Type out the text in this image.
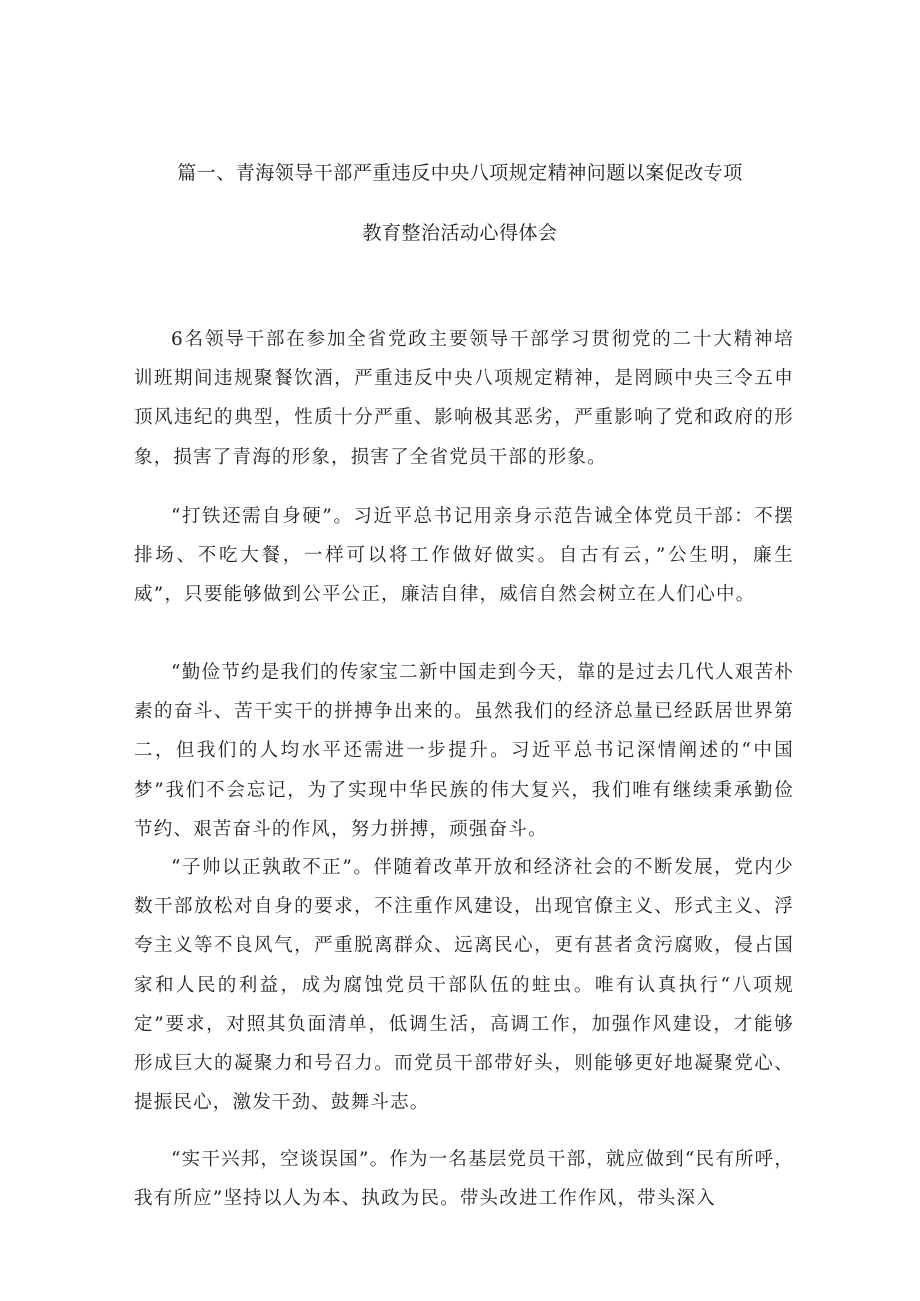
篇一、青海领导干部严重违反中央八项规定精神问题以案促改专项
教育整治活动心得体会

6名领导干部在参加全省党政主要领导干部学习贯彻党的二十大精神培训班期间违规聚餐饮酒，严重违反中央八项规定精神，是罔顾中央三令五申顶风违纪的典型，性质十分严重、影响极其恶劣，严重影响了党和政府的形象，损害了青海的形象，损害了全省党员干部的形象。

“打铁还需自身硬”。习近平总书记用亲身示范告诫全体党员干部：不摆排场、不吃大餐，一样可以将工作做好做实。自古有云，”公生明，廉生威”，只要能够做到公平公正，廉洁自律，威信自然会树立在人们心中。

“勤俭节约是我们的传家宝二新中国走到今天，靠的是过去几代人艰苦朴素的奋斗、苦干实干的拼搏争出来的。虽然我们的经济总量已经跃居世界第二，但我们的人均水平还需进一步提升。习近平总书记深情阐述的“中国梦”我们不会忘记，为了实现中华民族的伟大复兴，我们唯有继续秉承勤俭节约、艰苦奋斗的作风，努力拼搏，顽强奋斗。

“子帅以正孰敢不正”。伴随着改革开放和经济社会的不断发展，党内少数干部放松对自身的要求，不注重作风建设，出现官僚主义、形式主义、浮夸主义等不良风气，严重脱离群众、远离民心，更有甚者贪污腐败，侵占国家和人民的利益，成为腐蚀党员干部队伍的蛀虫。唯有认真执行“八项规定”要求，对照其负面清单，低调生活，高调工作，加强作风建设，才能够形成巨大的凝聚力和号召力。而党员干部带好头，则能够更好地凝聚党心、提振民心，激发干劲、鼓舞斗志。

“实干兴邦，空谈误国”。作为一名基层党员干部，就应做到“民有所呼，我有所应”坚持以人为本、执政为民。带头改进工作作风，带头深入
